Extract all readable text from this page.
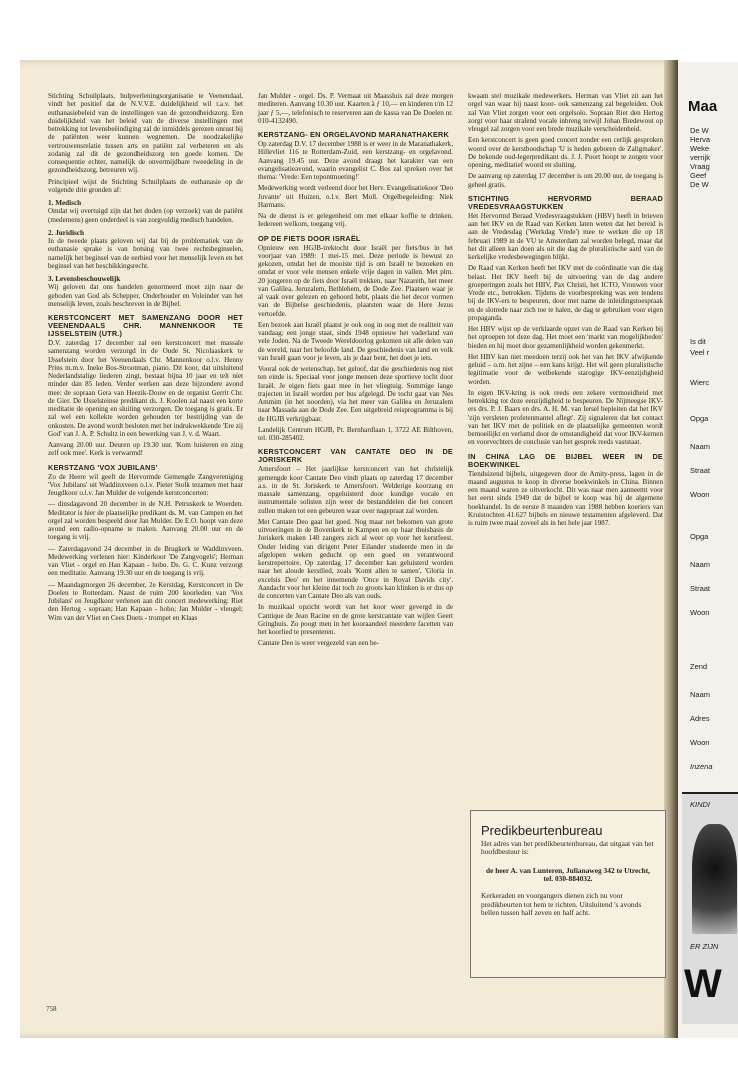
Stichting Schuilplaats, hulpverleningsorganisatie te Veenendaal, vindt het positief dat de N.V.V.E. duidelijkheid wil t.a.v. het euthanasiebeleid van de instellingen van de gezondheidszorg. Een duidelijkheid van het beleid van de diverse instellingen met betrekking tot levensbeëindiging zal de inmiddels gerezen onrust bij de patiënten weer kunnen wegnemen. De noodzakelijke vertrouwensrelatie tussen arts en patiënt zal verbeteren en als zodanig zal dit de gezondheidszorg ten goede komen. De consequentie echter, namelijk de onvermijdbare tweedeling in de gezondheidszorg, betreuren wij.

Principieel wijst de Stichting Schuilplaats de euthanasie op de volgende drie gronden af:

1. Medisch

Omdat wij overtuigd zijn dat het doden (op verzoek) van de patiënt (medemens) geen onderdeel is van zorgvuldig medisch handelen.

2. Juridisch

In de tweede plaats geloven wij dat bij de problematiek van de euthanasie sprake is van botsing van twee rechtsbeginselen, namelijk het beginsel van de eerbied voor het menselijk leven en het beginsel van het beschikkingsrecht.

3. Levensbeschouwelijk

Wij geloven dat ons handelen genormeerd moet zijn naar de geboden van God als Schepper, Onderhouder en Voleinder van het menselijk leven, zoals beschreven in de Bijbel.

KERSTCONCERT MET SAMENZANG DOOR HET VEENENDAALS CHR. MANNENKOOR TE IJSSELSTEIN (UTR.)

D.V. zaterdag 17 december zal een kerstconcert met massale samenzang worden verzorgd in de Oude St. Nicolaaskerk te IJsselstein door het Veenendaals Chr. Mannenkoor o.l.v. Henny Prins m.m.v. Ineke Bos-Strootman, piano. Dit koor, dat uitsluitend Nederlandstalige liederen zingt, bestaat bijna 10 jaar en telt niet minder dan 85 leden. Verder werken aan deze bijzondere avond mee: de sopraan Gera van Heezik-Douw en de organist Gerrit Chr. de Gier. De IJsselsteinse predikant ds. J. Koolen zal naast een korte meditatie de opening en sluiting verzorgen. De toegang is gratis. Er zal wel een kollekte worden gehouden ter bestrijding van de onkosten. De avond wordt besloten met het indrukwekkende 'Ere zij God' van J. A. P. Schultz in een bewerking van J. v. d. Waart.

Aanvang 20.00 uur. Deuren op 19.30 uur. 'Kom luisteren en zing zelf ook mee'. Kerk is verwarmd!

KERSTZANG 'VOX JUBILANS'

Zo de Heere wil geeft de Hervormde Gemengde Zangvereniging 'Vox Jubilans' uit Waddinxveen o.l.v. Pieter Stolk tezamen met haar Jeugdkoor o.l.v. Jan Mulder de volgende kerstconcerten:

— dinsdagavond 20 december in de N.H. Petruskerk te Woerden. Meditator is hier de plaatselijke predikant ds. M. van Campen en het orgel zal worden bespeeld door Jan Mulder. De E.O. hoopt van deze avond een radio-opname te maken. Aanvang 20.00 uur en de toegang is vrij.

— Zaterdagavond 24 december in de Brugkerk te Waddinxveen. Medewerking verlenen hier: Kinderkoor 'De Zangvogels'; Herman van Vliet - orgel en Han Kapaan - hobo. Ds. G. C. Kunz verzorgt een meditatie. Aanvang 19.30 uur en de toegang is vrij.

— Maandagmorgen 26 december, 2e Kerstdag, Kerstconcert in De Doelen te Rotterdam. Naast de ruim 200 koorleden van 'Vox Jubilans' en Jeugdkoor verlenen aan dit concert medewerking: Riet den Hertog - sopraan; Han Kapaan - hobo; Jan Mulder - vleugel; Wim van der Vliet en Cees Doets - trompet en Klaas

Jan Mulder - orgel. Ds. P. Vermaat uit Maassluis zal deze morgen mediteren. Aanvang 10.30 uur. Kaarten à ƒ 10,— en kinderen t/m 12 jaar ƒ 5,—, telefonisch te reserveren aan de kassa van De Doelen nr. 010-4132490.

KERSTZANG- EN ORGELAVOND MARANATHAKERK

Op zaterdag D.V. 17 december 1988 is er weer in de Maranathakerk, Hillevliet 116 te Rotterdam-Zuid, een kerstzang- en orgelavond. Aanvang 19.45 uur. Deze avond draagt het karakter van een evangelisatieavond, waarin evangelist C. Bos zal spreken over het thema: 'Vrede: Een topontmoeting!'

Medewerking wordt verleend door het Herv. Evangelisatiekoor 'Deo Juvante' uit Huizen, o.l.v. Bert Moll. Orgelbegeleiding: Niek Harmans.

Na de dienst is er gelegenheid om met elkaar koffie te drinken. Iedereen welkom, toegang vrij.

OP DE FIETS DOOR ISRAËL

Opnieuw een HGJB-trektocht door Israël per fiets/bus in het voorjaar van 1989: 1 mei-15 mei. Deze periode is bewust zo gekozen, omdat het de mooiste tijd is om Israël te bezoeken en omdat er voor vele mensen enkele vrije dagen in vallen. Met plm. 20 jongeren op de fiets door Israël trekken, naar Nazareth, het meer van Galilea, Jeruzalem, Bethlehem, de Dode Zee. Plaatsen waar je al vaak over gelezen en gehoord hebt, plaats die het decor vormen van de Bijbelse geschiedenis, plaatsten waar de Here Jezus vertoefde.

Een bezoek aan Israël plaatst je ook oog in oog met de realiteit van vandaag: een jonge staat, sinds 1948 opnieuw het vaderland van vele Joden. Na de Tweede Wereldoorlog gekomen uit alle delen van de wereld, naar het beloofde land. De geschiedenis van land en volk van Israël gaan voor je leven, als je daar bent, het doet je iets.

Vooral ook de wetenschap, het geloof, dat die geschiedenis nog niet ten einde is. Speciaal voor jonge mensen deze sportieve tocht door Israël. Je eigen fiets gaat mee in het vliegtuig. Sommige lange trajecten in Israël worden per bus afgelegd. De tocht gaat van Nes Ammim (in het noorden), via het meer van Galilea en Jeruzalem naar Massada aan de Dode Zee. Een uitgebreid reisprogramma is bij de HGJB verkrijgbaar.

Landelijk Centrum HGJB, Pr. Bernhardlaan 1, 3722 AE Bilthoven, tel. 030-285402.

KERSTCONCERT VAN CANTATE DEO IN DE JORISKERK

Amersfoort – Het jaarlijkse kerstconcert van het christelijk gemengde koor Cantate Deo vindt plaats op zaterdag 17 december a.s. in de St. Joriskerk te Amersfoort. Welderige koorzang en massale samenzang, opgeluisterd door kundige vocale en instrumentale solisten zijn weer de bestanddelen die het concert zullen maken tot een gebeuren waar over nagepraat zal worden.

Met Cantate Deo gaat het goed. Nog maar net bekomen van grote uitvoeringen in de Bovenkerk te Kampen en op haar thuisbasis de Joriskerk maken 140 zangers zich al weer op voor het kerstfeest. Onder leiding van dirigent Peter Eilander studeerde men in de afgelopen weken geducht op een goed en verantwoord kerstrepertoire. Op zaterdag 17 december kan geluisterd worden naar het aloude kerstlied, zoals 'Komt allen te samen', 'Gloria in excelsis Deo' en het innemende 'Once in Royal Davids city'. Aandacht voor het kleine dat toch zo groots kan klinken is er dus op de concerten van Cantate Deo als van ouds.

In muzikaal opzicht wordt van het koor weer gevergd in de Cantique de Jean Racine en de grote kerstcantate van wijlen Geert Gringhuis. Zo poogt men in het kooraandeel meerdere facetten van het koorlied te presenteren.

Cantate Deo is weer vergezeld van een be-

kwaam stel muzikale medewerkers. Herman van Vliet zit aan het orgel van waar hij naast koor- ook samenzang zal begeleiden. Ook zal Van Vliet zorgen voor een orgelsolo. Sopraan Riet den Hertog zorgt voor haar stralend vocale inbreng terwijl Johan Bredewout op vleugel zal zorgen voor een brede muzikale verscheidenheid.

Een kerstconcert is geen goed concert zonder een cerlijk gesproken woord over de kerstboodschap 'U is heden geboren de Zaligmaker'. De bekende oud-legerpredikant ds. J. J. Poort hoopt te zorgen voor opening, meditatief woord en sluiting.

De aanvang op zaterdag 17 december is om 20.00 uur, de toegang is geheel gratis.

STICHTING HERVORMD BERAAD VREDESVRAAGSTUKKEN

Het Hervormd Beraad Vredesvraagstukken (HBV) heeft in brieven aan het IKV en de Raad van Kerken laten weten dat het bereid is aan de Vredesdag ('Werkdag Vrede') mee te werken die op 18 februari 1989 in de VU te Amsterdam zal worden belegd, maar dat het dit alleen kan doen als uit die dag de pluralistische aard van de kerkelijke vredesbewegingen blijkt.

De Raad van Kerken heeft het IKV met de coördinatie van die dag belast. Het IKV heeft bij de uitvoering van de dag andere groeperingen zoals het HBV, Pax Christi, het ICTO, Vrouwen voor Vrede etc., betrokken. Tijdens de voorbespreking was een tendens bij de IKV-ers te bespeuren, door met name de inleidingstoespraak en de slotrede naar zich toe te halen, de dag te gebruiken voor eigen propaganda.

Het HBV wijst op de verklaarde opzet van de Raad van Kerken bij het oproepen tot deze dag. Het moet een 'markt van mogelijkheden' bieden en hij moet door gezamenlijkheid worden gekenmerkt.

Het HBV kan niet meedoen terzij ook het van het IKV afwijkende geluid – o.m. het zijne – een kans krijgt. Het wil geen pluralistische legitimatie voor de welbekende starogige IKV-eenzijdigheid worden.

In eigen IKV-kring is ook reeds een zekere vermoeidheid met betrekking tot deze eenzijdigheid te bespeuren. De Nijmeegse IKV-ers drs. P. J. Baars en drs. A. H. M. van Iersel bepleiten dat het IKV 'zijn versleten profetenmantel aflegt'. Zij signaleren dat het contact van het IKV met de politiek en de plaatselijke gemeenten wordt bemoeilijkt en verlamd door de omstandigheid dat voor IKV-kernen en voorvechters de conclusie van het gesprek reeds vaststaat.

IN CHINA LAG DE BIJBEL WEER IN DE BOEKWINKEL

Tienduizend bijbels, uitgegeven door de Amity-press, lagen in de maand augustus te koop in diverse boekwinkels in China. Binnen een maand waren ze uitverkocht. Dit was naar men aanneemt voor het eerst sinds 1949 dat de bijbel te koop was bij de algemene boekhandel. In de eerste 8 maanden van 1988 hebben koeriers van Kruistochten 41.627 bijbels en nieuwe testamenten afgeleverd. Dat is ruim twee maal zoveel als in het hele jaar 1987.

Predikbeurtenbureau
Het adres van het predikbeurtenbureau, dat uitgaat van het hoofdbestuur is:
de heer A. van Lunteren, Julianaweg 342 te Utrecht, tel. 030-884032.
Kerkeraden en voorgangers dienen zich nu voor predikbeurten tot hem te richten. Uitsluitend 's avonds bellen tussen half zeven en half acht.
758
Maa
De W
Herva
Weke
verrijk
Vraag
Geef
De W
Is dit
Veel r
Wierc
Opga
Naam
Straat
Woon
Opga
Naam
Straat
Woon
Zend
Naam
Adres
Woon
Inzena
KINDI
ER ZIJN
W
